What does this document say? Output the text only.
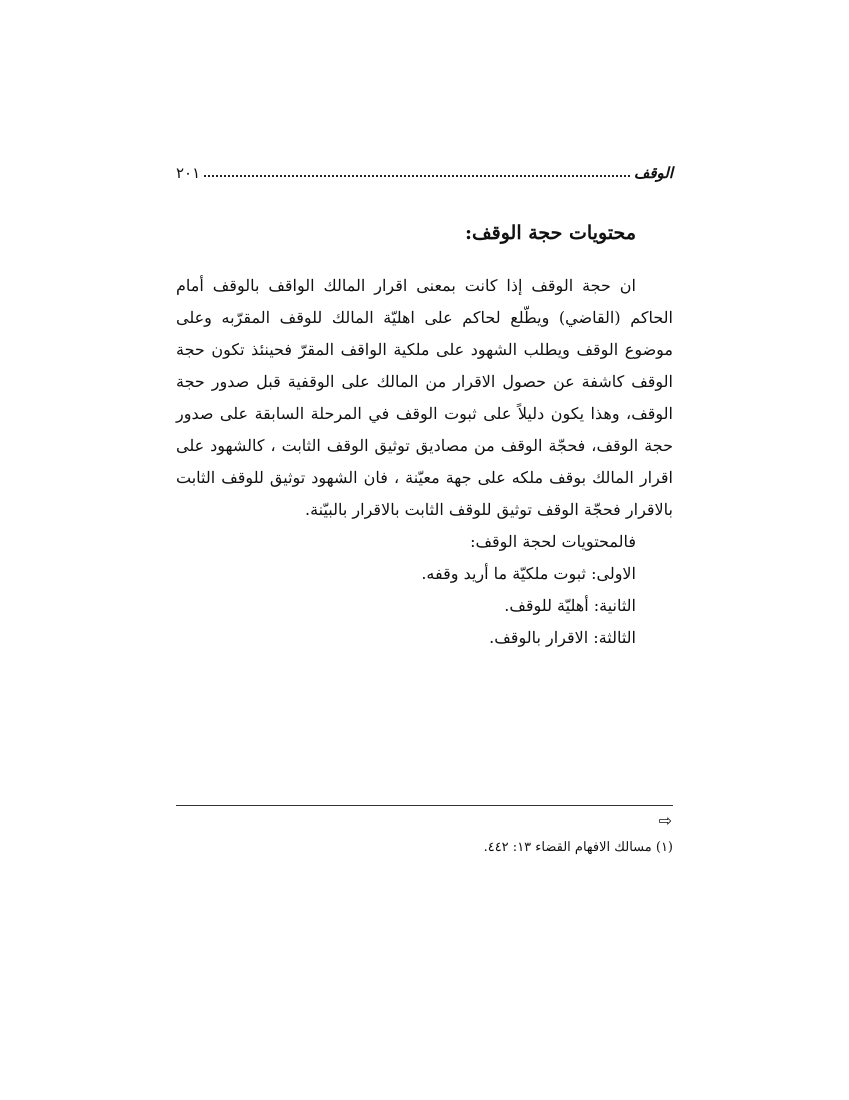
الوقف
٢٠١
محتويات حجة الوقف:

ان حجة الوقف إذا كانت بمعنى اقرار المالك الواقف بالوقف أمام الحاكم (القاضي) ويطّلع لحاكم على اهليّة المالك للوقف المقرّبه وعلى موضوع الوقف ويطلب الشهود على ملكية الواقف المقرّ فحينئذ تكون حجة الوقف كاشفة عن حصول الاقرار من المالك على الوقفية قبل صدور حجة الوقف، وهذا يكون دليلاً على ثبوت الوقف في المرحلة السابقة على صدور حجة الوقف، فحجّة الوقف من مصاديق توثيق الوقف الثابت ، كالشهود على اقرار المالك بوقف ملكه على جهة معيّنة ، فان الشهود توثيق للوقف الثابت بالاقرار فحجّة الوقف توثيق للوقف الثابت بالاقرار بالبيّنة.

فالمحتويات لحجة الوقف:
الاولى: ثبوت ملكيّة ما أريد وقفه.
الثانية: أهليّة للوقف.
الثالثة: الاقرار بالوقف.
⇨
(١) مسالك الافهام القضاء ١٣: ٤٤٢.
